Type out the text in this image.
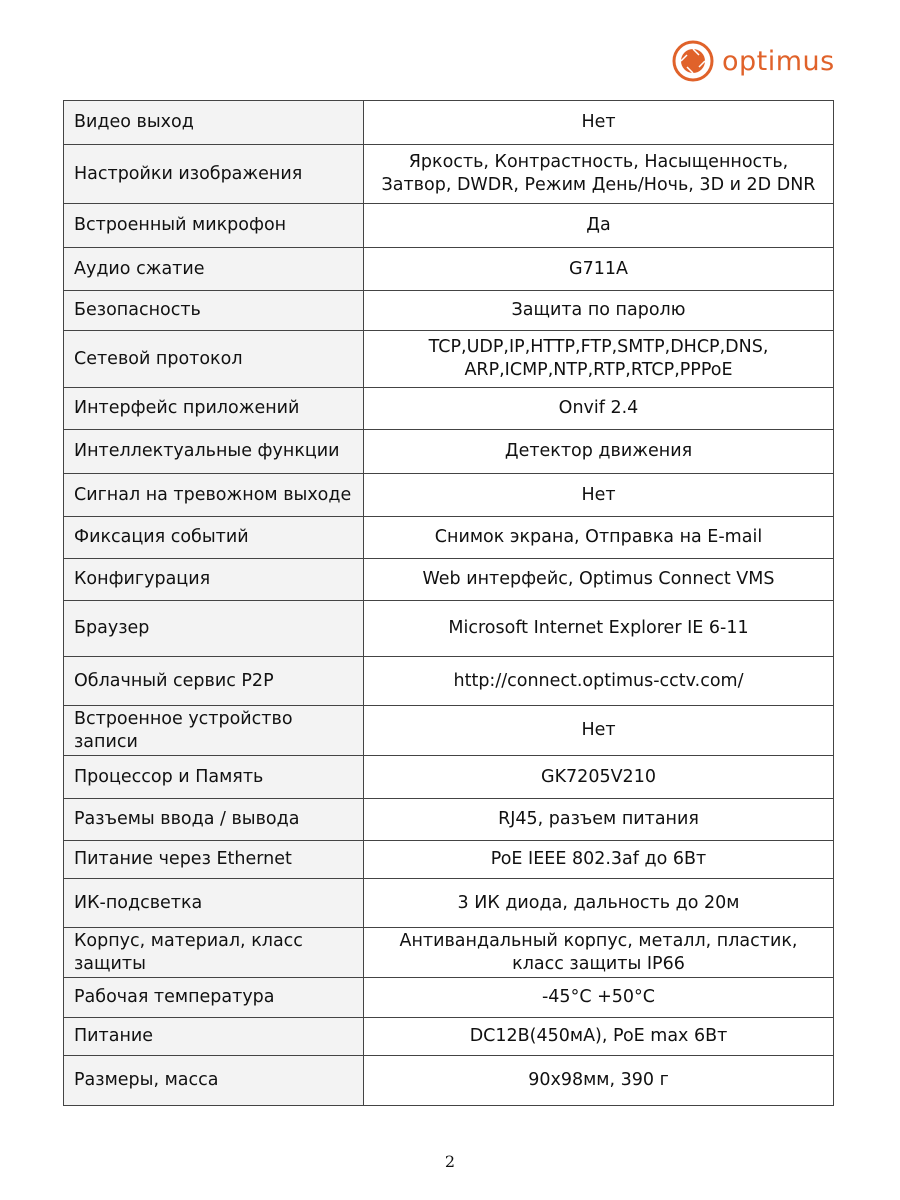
optimus
Видео выход	Нет
Настройки изображения	Яркость, Контрастность, Насыщенность,
Затвор, DWDR, Режим День/Ночь, 3D и 2D DNR
Встроенный микрофон	Да
Аудио сжатие	G711A
Безопасность	Защита по паролю
Сетевой протокол	TCP,UDP,IP,HTTP,FTP,SMTP,DHCP,DNS,
ARP,ICMP,NTP,RTP,RTCP,PPPoE
Интерфейс приложений	Onvif 2.4
Интеллектуальные функции	Детектор движения
Сигнал на тревожном выходе	Нет
Фиксация событий	Снимок экрана, Отправка на E-mail
Конфигурация	Web интерфейс, Optimus Connect VMS
Браузер	Microsoft Internet Explorer IE 6-11
Облачный сервис P2P	http://connect.optimus-cctv.com/
Встроенное устройство
записи	Нет
Процессор и Память	GK7205V210
Разъемы ввода / вывода	RJ45, разъем питания
Питание через Ethernet	PoE IEEE 802.3af до 6Вт
ИК-подсветка	3 ИК диода, дальность до 20м
Корпус, материал, класс
защиты	Антивандальный корпус, металл, пластик,
класс защиты IP66
Рабочая температура	-45°C +50°C
Питание	DC12В(450мА), PoE max 6Вт
Размеры, масса	90x98мм, 390 г
2
